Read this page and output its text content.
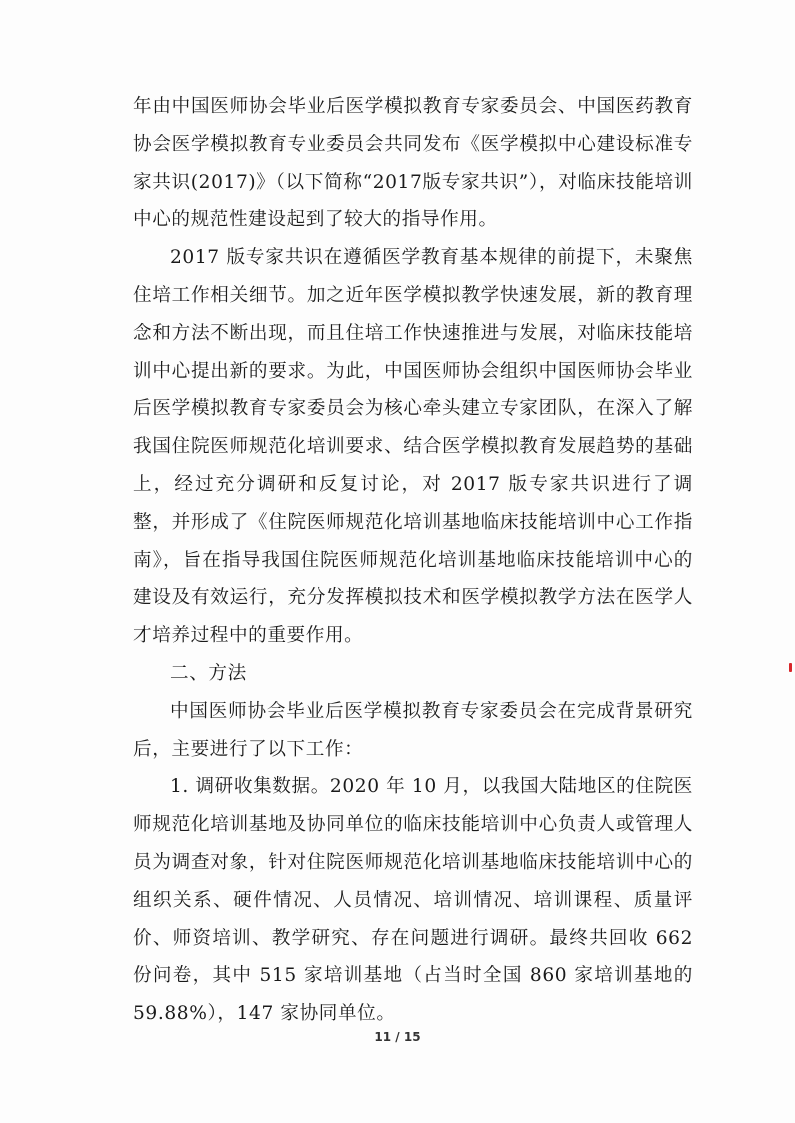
年由中国医师协会毕业后医学模拟教育专家委员会、中国医药教育协会医学模拟教育专业委员会共同发布《医学模拟中心建设标准专家共识(2017)》（以下简称“2017版专家共识”），对临床技能培训中心的规范性建设起到了较大的指导作用。

2017 版专家共识在遵循医学教育基本规律的前提下，未聚焦住培工作相关细节。加之近年医学模拟教学快速发展，新的教育理念和方法不断出现，而且住培工作快速推进与发展，对临床技能培训中心提出新的要求。为此，中国医师协会组织中国医师协会毕业后医学模拟教育专家委员会为核心牵头建立专家团队，在深入了解我国住院医师规范化培训要求、结合医学模拟教育发展趋势的基础上，经过充分调研和反复讨论，对 2017 版专家共识进行了调整，并形成了《住院医师规范化培训基地临床技能培训中心工作指南》，旨在指导我国住院医师规范化培训基地临床技能培训中心的建设及有效运行，充分发挥模拟技术和医学模拟教学方法在医学人才培养过程中的重要作用。

二、方法

中国医师协会毕业后医学模拟教育专家委员会在完成背景研究后，主要进行了以下工作：

1. 调研收集数据。2020 年 10 月，以我国大陆地区的住院医师规范化培训基地及协同单位的临床技能培训中心负责人或管理人员为调查对象，针对住院医师规范化培训基地临床技能培训中心的组织关系、硬件情况、人员情况、培训情况、培训课程、质量评价、师资培训、教学研究、存在问题进行调研。最终共回收 662 份问卷，其中 515 家培训基地（占当时全国 860 家培训基地的 59.88%），147 家协同单位。

11 / 15
